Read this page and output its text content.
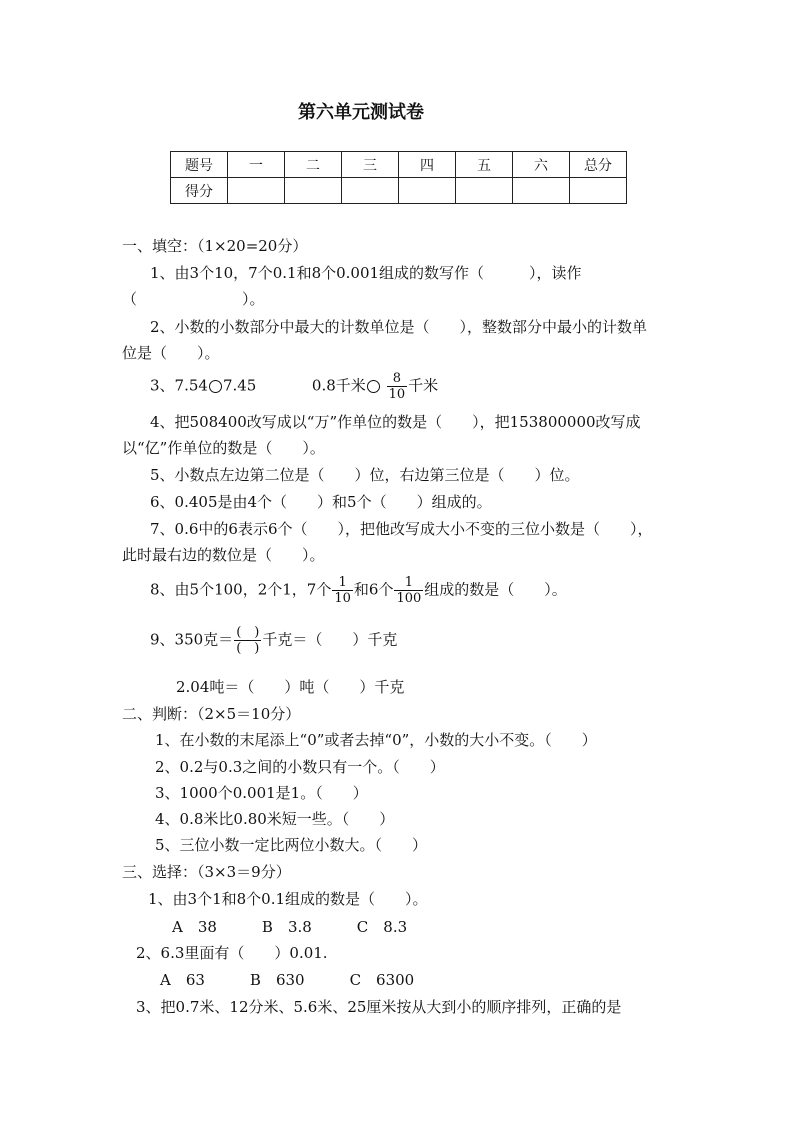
第六单元测试卷
题号	一	二	三	四	五	六	总分
得分							
一、填空：（1×20=20分）
1、由3个10，7个0.1和8个0.001组成的数写作（　　　），读作
（　　　　　　　）。
2、小数的小数部分中最大的计数单位是（　　），整数部分中最小的计数单
位是（　　）。
3、7.54 7.45	0.8千米 $\frac{8}{10}$ 千米
4、把508400改写成以“万”作单位的数是（　　），把153800000改写成
以“亿”作单位的数是（　　）。
5、小数点左边第二位是（　　）位，右边第三位是（　　）位。
6、0.405是由4个（　　）和5个（　　）组成的。
7、0.6中的6表示6个（　　），把他改写成大小不变的三位小数是（　　），
此时最右边的数位是（　　）。
8、由5个100，2个1，7个 $\frac{1}{10}$ 和6个 $\frac{1}{100}$ 组成的数是（　　）。
9、350克＝ $\frac{( )}{( )}$ 千克＝（　　）千克
2.04吨＝（　　）吨（　　）千克
二、判断：（2×5＝10分）
1、在小数的末尾添上“0”或者去掉“0”，小数的大小不变。（　　）
2、0.2与0.3之间的小数只有一个。（　　）
3、1000个0.001是1。（　　）
4、0.8米比0.80米短一些。（　　）
5、三位小数一定比两位小数大。（　　）
三、选择：（3×3＝9分）
1、由3个1和8个0.1组成的数是（　　）。
A　38　　　B　3.8　　　C　8.3
2、6.3里面有（　　）0.01.
A　63　　　B　630　　　C　6300
3、把0.7米、12分米、5.6米、25厘米按从大到小的顺序排列，正确的是
